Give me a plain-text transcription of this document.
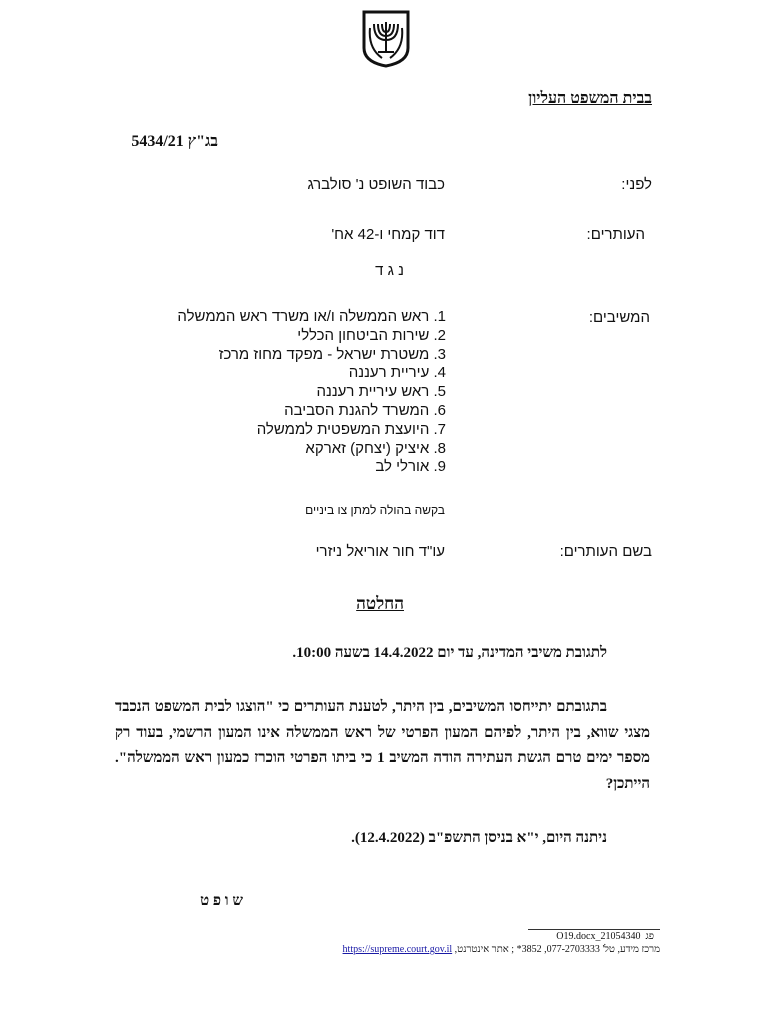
בבית המשפט העליון
בג"ץ 5434/21
לפני:
כבוד השופט נ' סולברג
העותרים:
דוד קמחי ו-42 אח'
נ ג ד
המשיבים:
1. ראש הממשלה ו/או משרד ראש הממשלה
2. שירות הביטחון הכללי
3. משטרת ישראל - מפקד מחוז מרכז
4. עיריית רעננה
5. ראש עיריית רעננה
6. המשרד להגנת הסביבה
7. היועצת המשפטית לממשלה
8. איציק (יצחק) זארקא
9. אורלי לב
בקשה בהולה למתן צו ביניים
בשם העותרים:
עו"ד חור אוריאל ניזרי
החלטה
לתגובת משיבי המדינה, עד יום 14.4.2022 בשעה 10:00.
בתגובתם יתייחסו המשיבים, בין היתר, לטענת העותרים כי "הוצגו לבית המשפט הנכבד מצגי שווא, בין היתר, לפיהם המעון הפרטי של ראש הממשלה אינו המעון הרשמי, בעוד רק מספר ימים טרם הגשת העתירה הודה המשיב 1 כי ביתו הפרטי הוכרז כמעון ראש הממשלה". הייתכן?
ניתנה היום, י"א בניסן התשפ"ב (12.4.2022).
ש ו פ ט
פג  21054340_O19.docx
מרכז מידע, טל' 077-2703333, 3852* ; אתר אינטרנט, https://supreme.court.gov.il
